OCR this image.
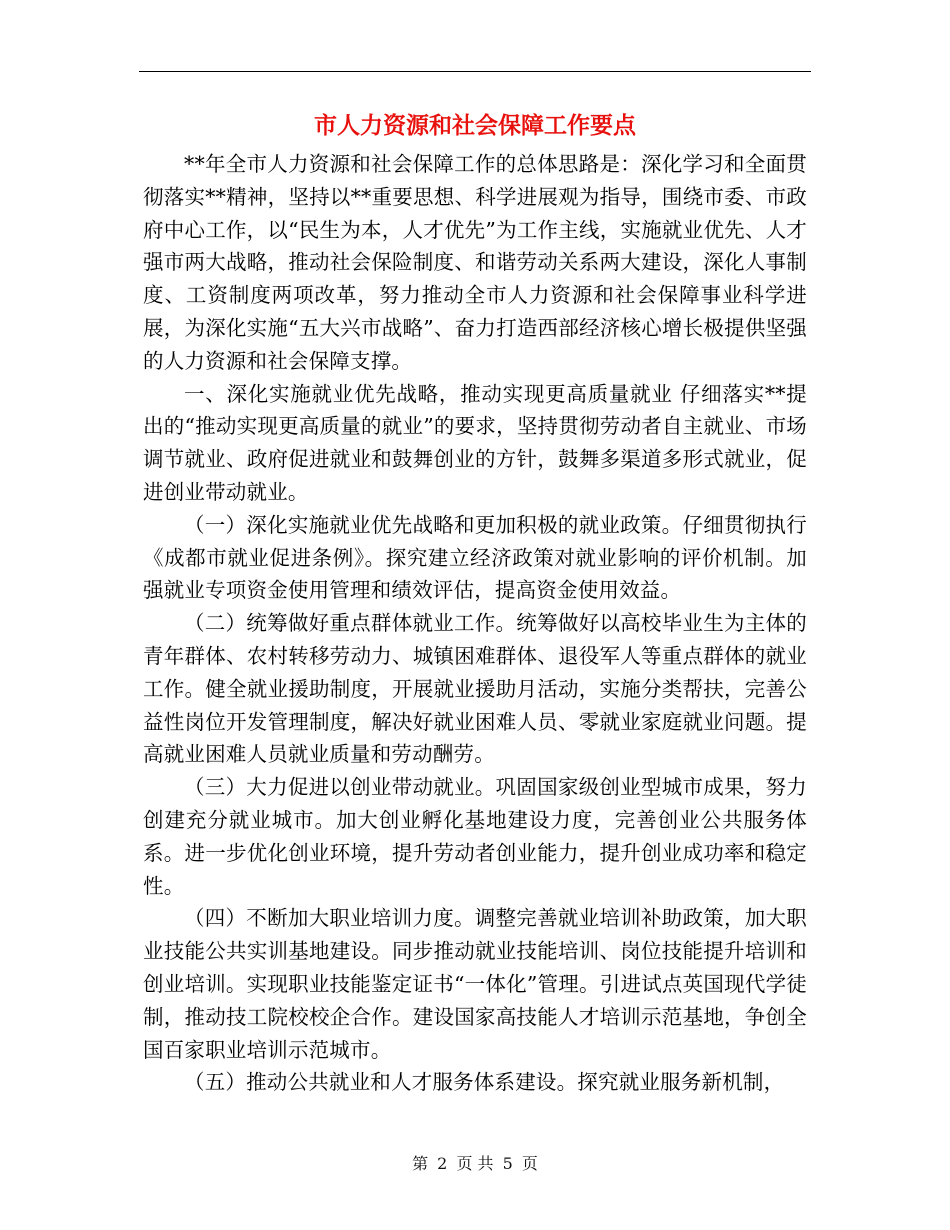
市人力资源和社会保障工作要点

**年全市人力资源和社会保障工作的总体思路是：深化学习和全面贯彻落实**精神，坚持以**重要思想、科学进展观为指导，围绕市委、市政府中心工作，以“民生为本，人才优先”为工作主线，实施就业优先、人才强市两大战略，推动社会保险制度、和谐劳动关系两大建设，深化人事制度、工资制度两项改革，努力推动全市人力资源和社会保障事业科学进展，为深化实施“五大兴市战略”、奋力打造西部经济核心增长极提供坚强的人力资源和社会保障支撑。

一、深化实施就业优先战略，推动实现更高质量就业 仔细落实**提出的“推动实现更高质量的就业”的要求，坚持贯彻劳动者自主就业、市场调节就业、政府促进就业和鼓舞创业的方针，鼓舞多渠道多形式就业，促进创业带动就业。

（一）深化实施就业优先战略和更加积极的就业政策。仔细贯彻执行《成都市就业促进条例》。探究建立经济政策对就业影响的评价机制。加强就业专项资金使用管理和绩效评估，提高资金使用效益。

（二）统筹做好重点群体就业工作。统筹做好以高校毕业生为主体的青年群体、农村转移劳动力、城镇困难群体、退役军人等重点群体的就业工作。健全就业援助制度，开展就业援助月活动，实施分类帮扶，完善公益性岗位开发管理制度，解决好就业困难人员、零就业家庭就业问题。提高就业困难人员就业质量和劳动酬劳。

（三）大力促进以创业带动就业。巩固国家级创业型城市成果，努力创建充分就业城市。加大创业孵化基地建设力度，完善创业公共服务体系。进一步优化创业环境，提升劳动者创业能力，提升创业成功率和稳定性。

（四）不断加大职业培训力度。调整完善就业培训补助政策，加大职业技能公共实训基地建设。同步推动就业技能培训、岗位技能提升培训和创业培训。实现职业技能鉴定证书“一体化”管理。引进试点英国现代学徒制，推动技工院校校企合作。建设国家高技能人才培训示范基地，争创全国百家职业培训示范城市。

（五）推动公共就业和人才服务体系建设。探究就业服务新机制，

第 2 页 共 5 页
